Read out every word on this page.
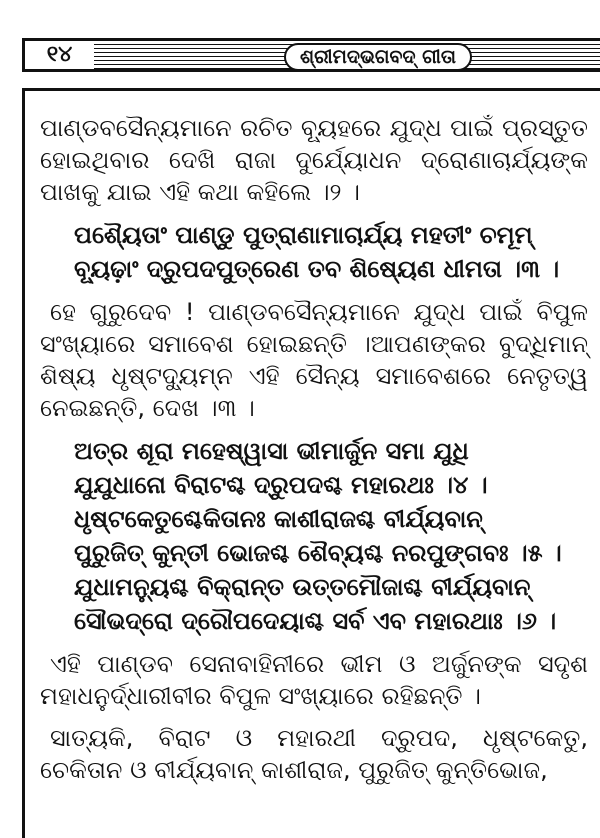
୧୪	ଶ୍ରୀମଦ୍‌ଭଗବଦ୍ ଗୀତା

ପାଣ୍ଡବସୈନ୍ୟମାନେ ରଚିତ ବ୍ୟୂହରେ ଯୁଦ୍ଧ ପାଇଁ ପ୍ରସ୍ତୁତ ହୋଇଥିବାର ଦେଖି ରାଜା ଦୁର୍ଯ୍ୟୋଧନ ଦ୍ରୋଣାଚାର୍ଯ୍ୟଙ୍କ ପାଖକୁ ଯାଇ ଏହି କଥା କହିଲେ ।୨ ।

ପଶ୍ୟୈତାଂ ପାଣ୍ଡୁ ପୁତ୍ରାଣାମାଚାର୍ଯ୍ୟ ମହତୀଂ ଚମୂମ୍
ବ୍ୟୂଢ଼ାଂ ଦ୍ରୁପଦପୁତ୍ରେଣ ତବ ଶିଷ୍ୟେଣ ଧୀମତା ।୩ ।

ହେ ଗୁରୁଦେବ ! ପାଣ୍ଡବସୈନ୍ୟମାନେ ଯୁଦ୍ଧ ପାଇଁ ବିପୁଳ ସଂଖ୍ୟାରେ ସମାବେଶ ହୋଇଛନ୍ତି ।ଆପଣଙ୍କର ବୁଦ୍ଧିମାନ୍ ଶିଷ୍ୟ ଧୃଷ୍ଟଦ୍ୟୁମ୍ନ ଏହି ସୈନ୍ୟ ସମାବେଶରେ ନେତୃତ୍ୱ ନେଇଛନ୍ତି, ଦେଖ ।୩ ।

ଅତ୍ର ଶୂରା ମହେଷ୍ୱାସା ଭୀମାର୍ଜୁନ ସମା ଯୁଧି
ଯୁଯୁଧାନୋ ବିରାଟଶ୍ଚ ଦ୍ରୁପଦଶ୍ଚ ମହାରଥଃ ।୪ ।
ଧୃଷ୍ଟକେତୁଶ୍ଚେକିତାନଃ କାଶୀରାଜଶ୍ଚ ବୀର୍ଯ୍ୟବାନ୍
ପୁରୁଜିତ୍ କୁନ୍ତୀ ଭୋଜଶ୍ଚ ଶୈବ୍ୟଶ୍ଚ ନରପୁଙ୍ଗବଃ ।୫ ।
ଯୁଧାମନ୍ୟୁଶ୍ଚ ବିକ୍ରାନ୍ତ ଉତ୍ତମୌଜାଶ୍ଚ ବୀର୍ଯ୍ୟବାନ୍
ସୌଭଦ୍ରୋ ଦ୍ରୌପଦେୟାଶ୍ଚ ସର୍ବ ଏବ ମହାରଥାଃ ।୬ ।

ଏହି ପାଣ୍ଡବ ସେନାବାହିନୀରେ ଭୀମ ଓ ଅର୍ଜୁନଙ୍କ ସଦୃଶ ମହାଧନୁର୍ଦ୍ଧାରୀବୀର ବିପୁଳ ସଂଖ୍ୟାରେ ରହିଛନ୍ତି ।

ସାତ୍ୟକି, ବିରାଟ ଓ ମହାରଥୀ ଦ୍ରୁପଦ, ଧୃଷ୍ଟକେତୁ, ଚେକିତାନ ଓ ବୀର୍ଯ୍ୟବାନ୍ କାଶୀରାଜ, ପୁରୁଜିତ୍ କୁନ୍ତିଭୋଜ,
